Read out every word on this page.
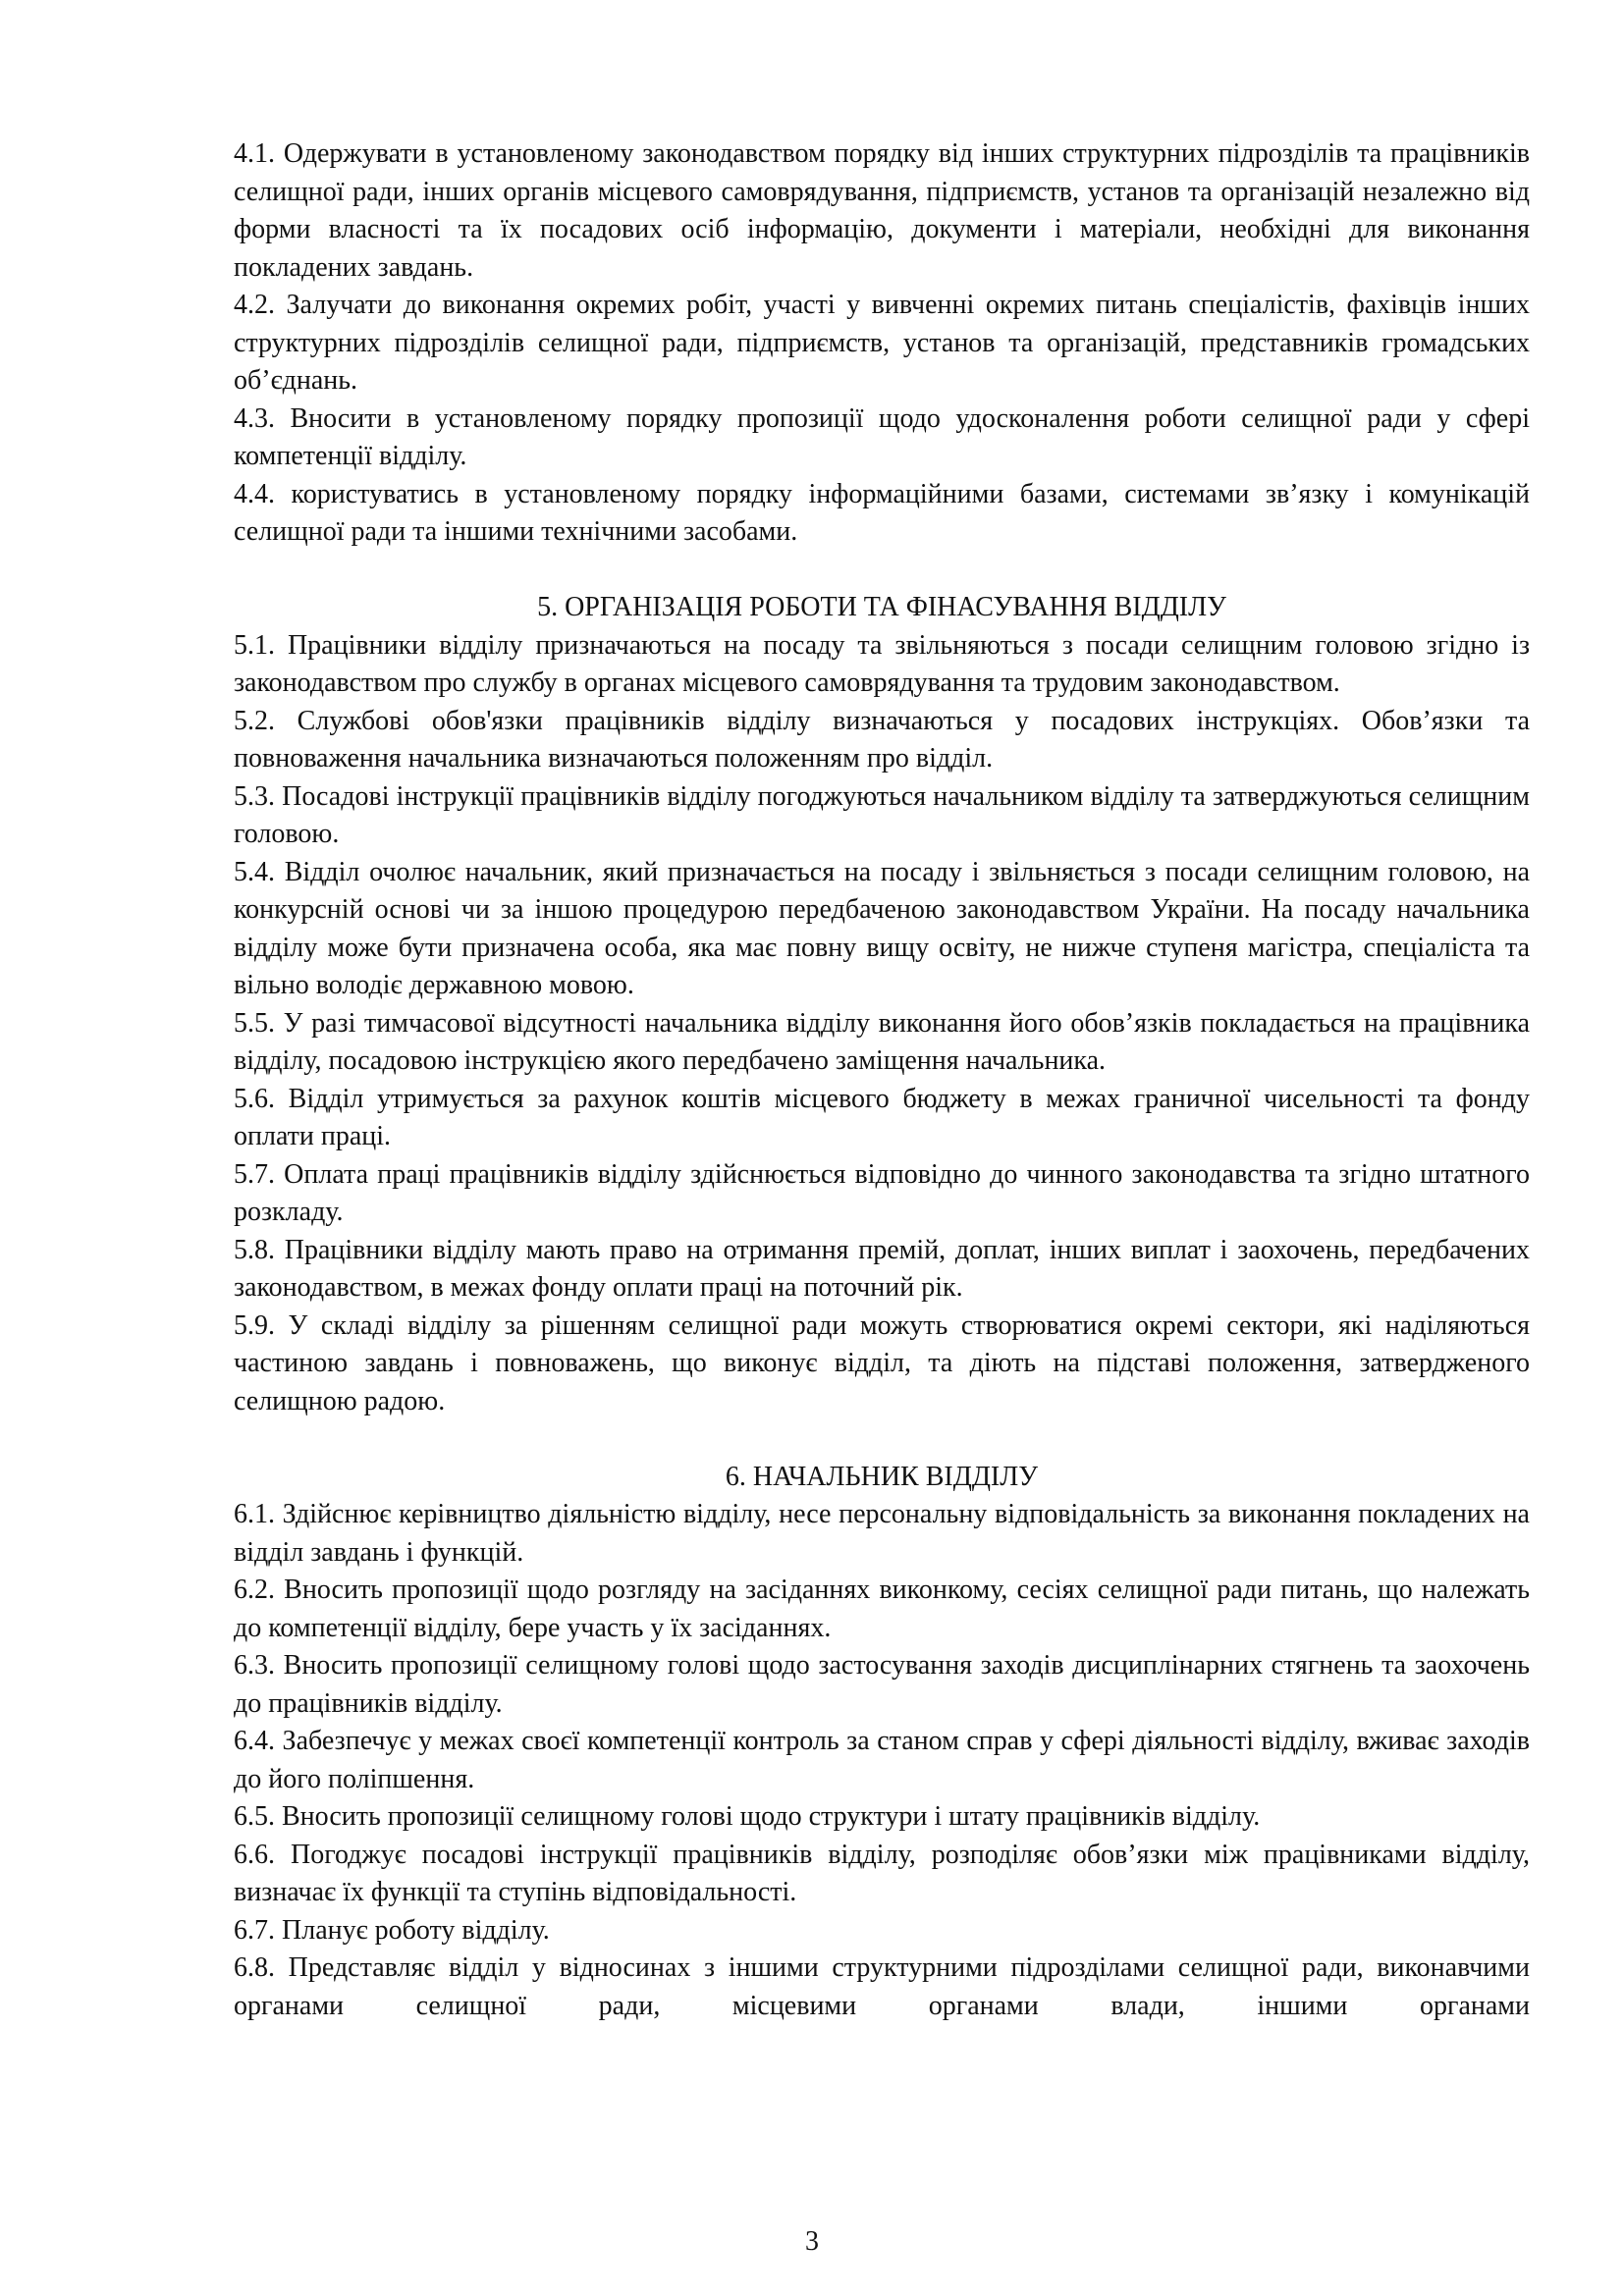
4.1. Одержувати в установленому законодавством порядку від інших структурних підрозділів та працівників селищної ради, інших органів місцевого самоврядування, підприємств, установ та організацій незалежно від форми власності та їх посадових осіб інформацію, документи і матеріали, необхідні для виконання покладених завдань.

4.2. Залучати до виконання окремих робіт, участі у вивченні окремих питань спеціалістів, фахівців інших структурних підрозділів селищної ради, підприємств, установ та організацій, представників громадських об’єднань.

4.3. Вносити в установленому порядку пропозиції щодо удосконалення роботи селищної ради у сфері компетенції відділу.

4.4. користуватись в установленому порядку інформаційними базами, системами зв’язку і комунікацій селищної ради та іншими технічними засобами.

5. ОРГАНІЗАЦІЯ РОБОТИ ТА ФІНАСУВАННЯ ВІДДІЛУ

5.1. Працівники відділу призначаються на посаду та звільняються з посади селищним головою згідно із законодавством про службу в органах місцевого самоврядування та трудовим законодавством.

5.2. Службові обов'язки працівників відділу визначаються у посадових інструкціях. Обов’язки та повноваження начальника визначаються положенням про відділ.

5.3. Посадові інструкції працівників відділу погоджуються начальником відділу та затверджуються селищним головою.

5.4. Відділ очолює начальник, який призначається на посаду і звільняється з посади селищним головою, на конкурсній основі чи за іншою процедурою передбаченою законодавством України. На посаду начальника відділу може бути призначена особа, яка має повну вищу освіту, не нижче ступеня магістра, спеціаліста та вільно володіє державною мовою.

5.5. У разі тимчасової відсутності начальника відділу виконання його обов’язків покладається на працівника відділу, посадовою інструкцією якого передбачено заміщення начальника.

5.6. Відділ утримується за рахунок коштів місцевого бюджету в межах граничної чисельності та фонду оплати праці.

5.7. Оплата праці працівників відділу здійснюється відповідно до чинного законодавства та згідно штатного розкладу.

5.8. Працівники відділу мають право на отримання премій, доплат, інших виплат і заохочень, передбачених законодавством, в межах фонду оплати праці на поточний рік.

5.9. У складі відділу за рішенням селищної ради можуть створюватися окремі сектори, які наділяються частиною завдань і повноважень, що виконує відділ, та діють на підставі положення, затвердженого селищною радою.

6. НАЧАЛЬНИК ВІДДІЛУ

6.1. Здійснює керівництво діяльністю відділу, несе персональну відповідальність за виконання покладених на відділ завдань і функцій.

6.2. Вносить пропозиції щодо розгляду на засіданнях виконкому, сесіях селищної ради питань, що належать до компетенції відділу, бере участь у їх засіданнях.

6.3. Вносить пропозиції селищному голові щодо застосування заходів дисциплінарних стягнень та заохочень до працівників відділу.

6.4. Забезпечує у межах своєї компетенції контроль за станом справ у сфері діяльності відділу, вживає заходів до його поліпшення.

6.5. Вносить пропозиції селищному голові щодо структури і штату працівників відділу.

6.6. Погоджує посадові інструкції працівників відділу, розподіляє обов’язки між працівниками відділу, визначає їх функції та ступінь відповідальності.

6.7. Планує роботу відділу.

6.8. Представляє відділ у відносинах з іншими структурними підрозділами селищної ради, виконавчими органами селищної ради, місцевими органами влади, іншими органами

3
